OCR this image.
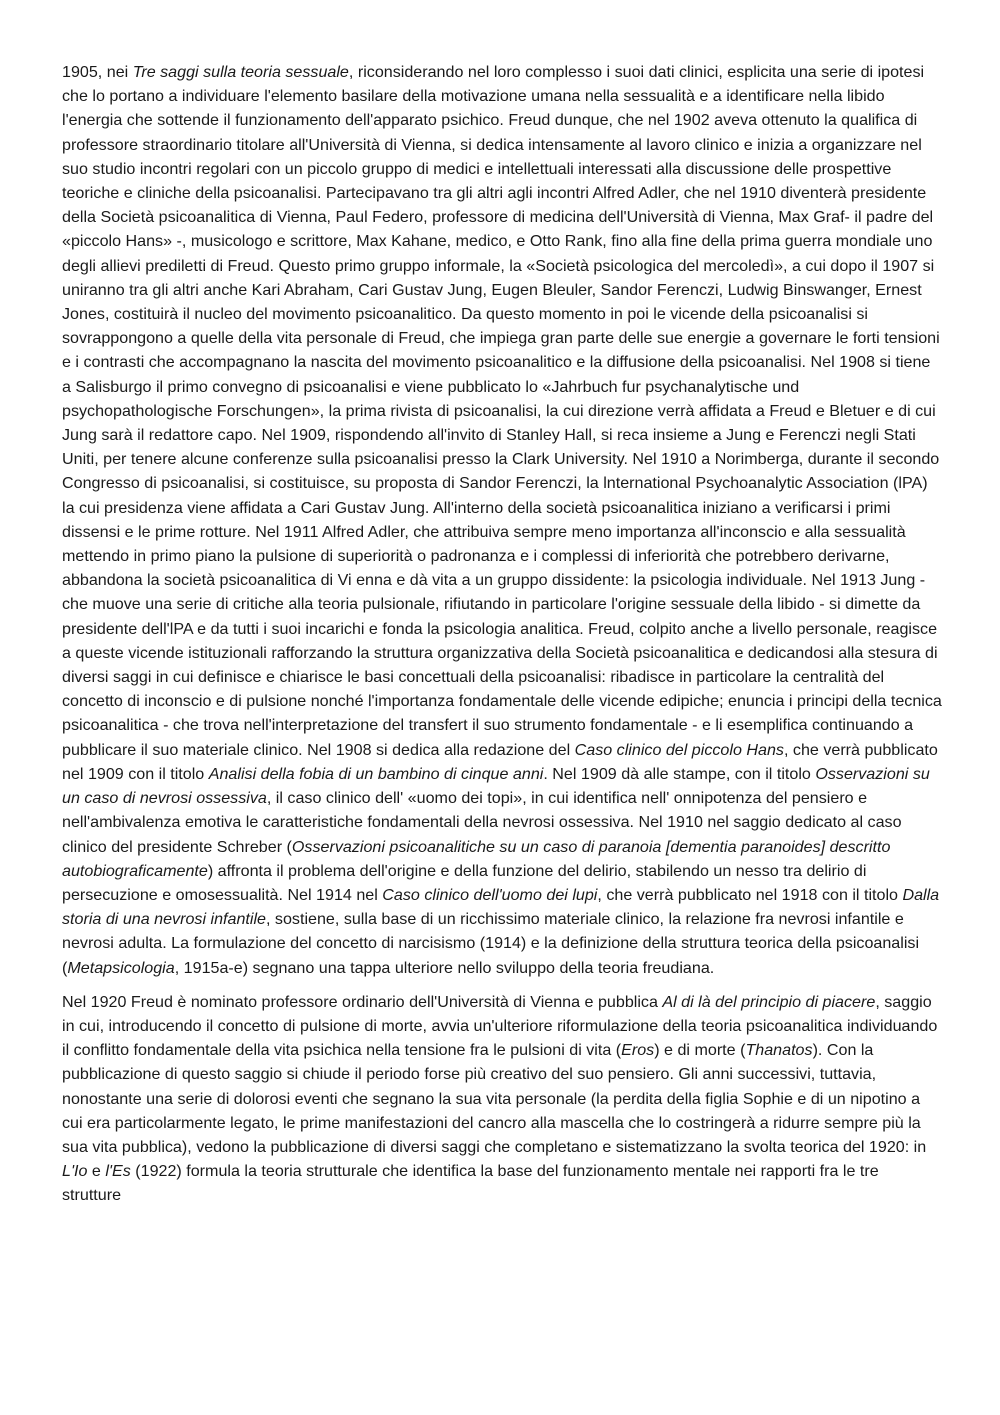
1905, nei Tre saggi sulla teoria sessuale, riconsiderando nel loro complesso i suoi dati clinici, esplicita una serie di ipotesi che lo portano a individuare l'elemento basilare della motivazione umana nella sessualità e a identificare nella libido l'energia che sottende il funzionamento dell'apparato psichico. Freud dunque, che nel 1902 aveva ottenuto la qualifica di professore straordinario titolare all'Università di Vienna, si dedica intensamente al lavoro clinico e inizia a organizzare nel suo studio incontri regolari con un piccolo gruppo di medici e intellettuali interessati alla discussione delle prospettive teoriche e cliniche della psicoanalisi. Partecipavano tra gli altri agli incontri Alfred Adler, che nel 1910 diventerà presidente della Società psicoanalitica di Vienna, Paul Federo, professore di medicina dell'Università di Vienna, Max Graf- il padre del «piccolo Hans» -, musicologo e scrittore, Max Kahane, medico, e Otto Rank, fino alla fine della prima guerra mondiale uno degli allievi prediletti di Freud. Questo primo gruppo informale, la «Società psicologica del mercoledì», a cui dopo il 1907 si uniranno tra gli altri anche Kari Abraham, Cari Gustav Jung, Eugen Bleuler, Sandor Ferenczi, Ludwig Binswanger, Ernest Jones, costituirà il nucleo del movimento psicoanalitico. Da questo momento in poi le vicende della psicoanalisi si sovrappongono a quelle della vita personale di Freud, che impiega gran parte delle sue energie a governare le forti tensioni e i contrasti che accompagnano la nascita del movimento psicoanalitico e la diffusione della psicoanalisi. Nel 1908 si tiene a Salisburgo il primo convegno di psicoanalisi e viene pubblicato lo «Jahrbuch fur psychanalytische und psychopathologische Forschungen», la prima rivista di psicoanalisi, la cui direzione verrà affidata a Freud e Bletuer e di cui Jung sarà il redattore capo. Nel 1909, rispondendo all'invito di Stanley Hall, si reca insieme a Jung e Ferenczi negli Stati Uniti, per tenere alcune conferenze sulla psicoanalisi presso la Clark University. Nel 1910 a Norimberga, durante il secondo Congresso di psicoanalisi, si costituisce, su proposta di Sandor Ferenczi, la lnternational Psychoanalytic Association (lPA) la cui presidenza viene affidata a Cari Gustav Jung. All'interno della società psicoanalitica iniziano a verificarsi i primi dissensi e le prime rotture. Nel 1911 Alfred Adler, che attribuiva sempre meno importanza all'inconscio e alla sessualità mettendo in primo piano la pulsione di superiorità o padronanza e i complessi di inferiorità che potrebbero derivarne, abbandona la società psicoanalitica di Vi enna e dà vita a un gruppo dissidente: la psicologia individuale. Nel 1913 Jung - che muove una serie di critiche alla teoria pulsionale, rifiutando in particolare l'origine sessuale della libido - si dimette da presidente dell'lPA e da tutti i suoi incarichi e fonda la psicologia analitica. Freud, colpito anche a livello personale, reagisce a queste vicende istituzionali rafforzando la struttura organizzativa della Società psicoanalitica e dedicandosi alla stesura di diversi saggi in cui definisce e chiarisce le basi concettuali della psicoanalisi: ribadisce in particolare la centralità del concetto di inconscio e di pulsione nonché l'importanza fondamentale delle vicende edipiche; enuncia i principi della tecnica psicoanalitica - che trova nell'interpretazione del transfert il suo strumento fondamentale - e li esemplifica continuando a pubblicare il suo materiale clinico. Nel 1908 si dedica alla redazione del Caso clinico del piccolo Hans, che verrà pubblicato nel 1909 con il titolo Analisi della fobia di un bambino di cinque anni. Nel 1909 dà alle stampe, con il titolo Osservazioni su un caso di nevrosi ossessiva, il caso clinico dell' «uomo dei topi», in cui identifica nell' onnipotenza del pensiero e nell'ambivalenza emotiva le caratteristiche fondamentali della nevrosi ossessiva. Nel 1910 nel saggio dedicato al caso clinico del presidente Schreber (Osservazioni psicoanalitiche su un caso di paranoia [dementia paranoides] descritto autobiograficamente) affronta il problema dell'origine e della funzione del delirio, stabilendo un nesso tra delirio di persecuzione e omosessualità. Nel 1914 nel Caso clinico dell'uomo dei lupi, che verrà pubblicato nel 1918 con il titolo Dalla storia di una nevrosi infantile, sostiene, sulla base di un ricchissimo materiale clinico, la relazione fra nevrosi infantile e nevrosi adulta. La formulazione del concetto di narcisismo (1914) e la definizione della struttura teorica della psicoanalisi (Metapsicologia, 1915a-e) segnano una tappa ulteriore nello sviluppo della teoria freudiana.

Nel 1920 Freud è nominato professore ordinario dell'Università di Vienna e pubblica Al di là del principio di piacere, saggio in cui, introducendo il concetto di pulsione di morte, avvia un'ulteriore riformulazione della teoria psicoanalitica individuando il conflitto fondamentale della vita psichica nella tensione fra le pulsioni di vita (Eros) e di morte (Thanatos). Con la pubblicazione di questo saggio si chiude il periodo forse più creativo del suo pensiero. Gli anni successivi, tuttavia, nonostante una serie di dolorosi eventi che segnano la sua vita personale (la perdita della figlia Sophie e di un nipotino a cui era particolarmente legato, le prime manifestazioni del cancro alla mascella che lo costringerà a ridurre sempre più la sua vita pubblica), vedono la pubblicazione di diversi saggi che completano e sistematizzano la svolta teorica del 1920: in L'Io e l'Es (1922) formula la teoria strutturale che identifica la base del funzionamento mentale nei rapporti fra le tre strutture
